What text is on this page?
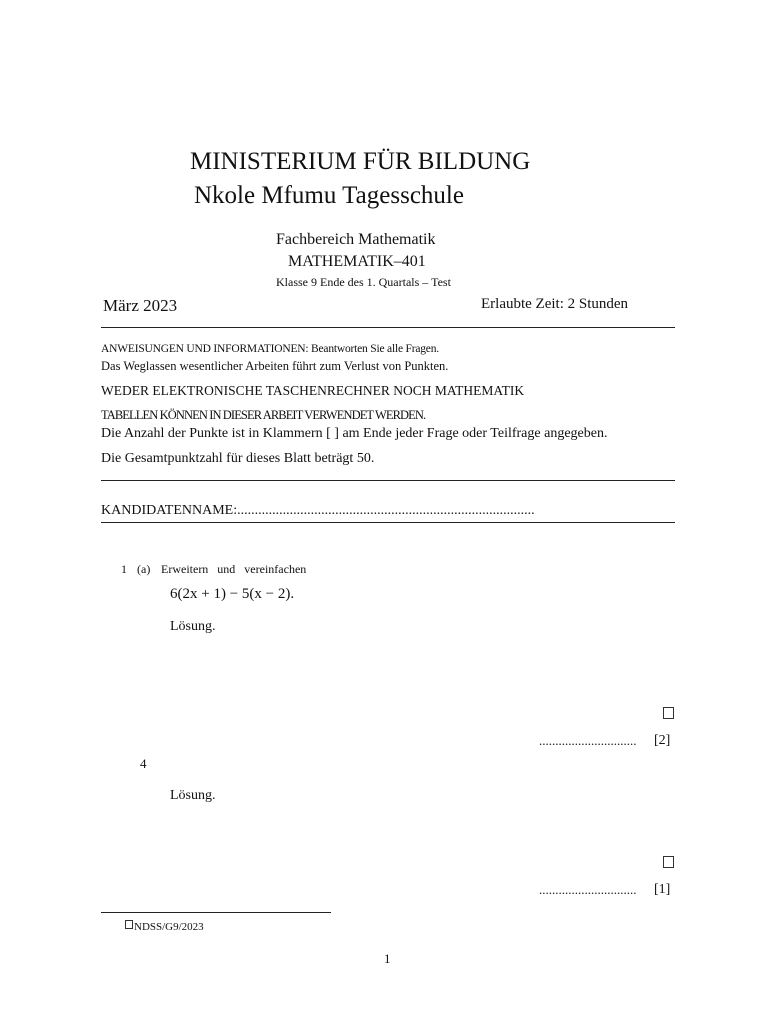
MINISTERIUM FÜR BILDUNG
Nkole Mfumu Tagesschule
Fachbereich Mathematik
MATHEMATIK–401
Klasse 9 Ende des 1. Quartals – Test
März 2023	Erlaubte Zeit: 2 Stunden
ANWEISUNGEN UND INFORMATIONEN: Beantworten Sie alle Fragen.
Das Weglassen wesentlicher Arbeiten führt zum Verlust von Punkten.
WEDER ELEKTRONISCHE TASCHENRECHNER NOCH MATHEMATIK
TABELLEN KÖNNEN IN DIESER ARBEIT VERWENDET WERDEN.
Die Anzahl der Punkte ist in Klammern [ ] am Ende jeder Frage oder Teilfrage angegeben.
Die Gesamtpunktzahl für dieses Blatt beträgt 50.
KANDIDATENNAME:.....................................................................................
1 (a) Erweitern   und   vereinfachen
6(2x + 1) − 5(x − 2).
Lösung.
.............................. [2]
4
Lösung.
.............................. [1]
NDSS/G9/2023
1
